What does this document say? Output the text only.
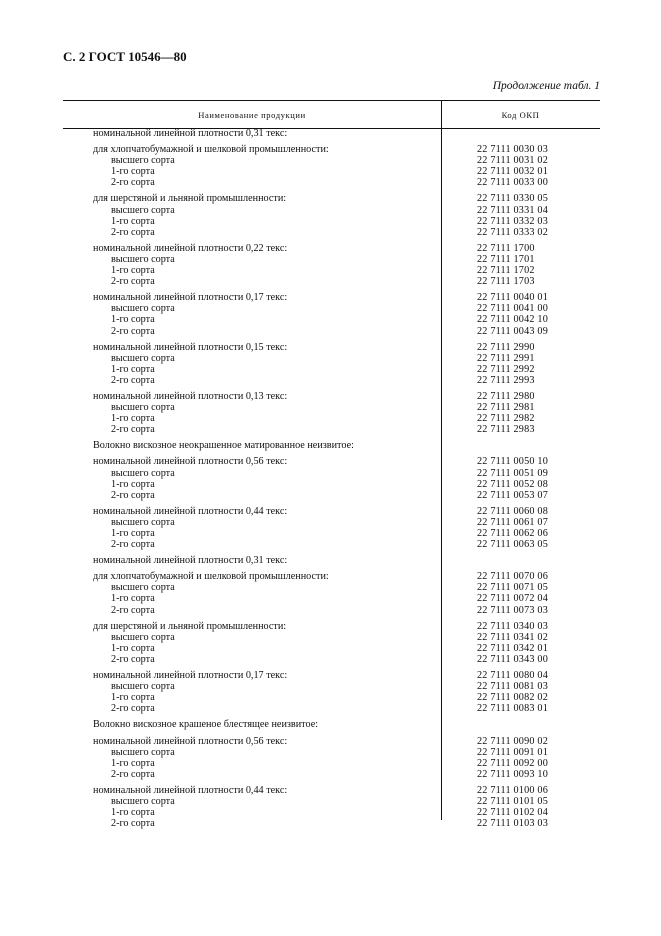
С. 2 ГОСТ 10546—80
Продолжение табл. 1
Наименование продукции	Код ОКП
номинальной линейной плотности 0,31 текс:
для хлопчатобумажной и шелковой промышленности:	22 7111 0030 03
высшего сорта	22 7111 0031 02
1-го сорта	22 7111 0032 01
2-го сорта	22 7111 0033 00
для шерстяной и льняной промышленности:	22 7111 0330 05
высшего сорта	22 7111 0331 04
1-го сорта	22 7111 0332 03
2-го сорта	22 7111 0333 02
номинальной линейной плотности 0,22 текс:	22 7111 1700
высшего сорта	22 7111 1701
1-го сорта	22 7111 1702
2-го сорта	22 7111 1703
номинальной линейной плотности 0,17 текс:	22 7111 0040 01
высшего сорта	22 7111 0041 00
1-го сорта	22 7111 0042 10
2-го сорта	22 7111 0043 09
номинальной линейной плотности 0,15 текс:	22 7111 2990
высшего сорта	22 7111 2991
1-го сорта	22 7111 2992
2-го сорта	22 7111 2993
номинальной линейной плотности 0,13 текс:	22 7111 2980
высшего сорта	22 7111 2981
1-го сорта	22 7111 2982
2-го сорта	22 7111 2983
Волокно вискозное неокрашенное матированное неизвитое:
номинальной линейной плотности 0,56 текс:	22 7111 0050 10
высшего сорта	22 7111 0051 09
1-го сорта	22 7111 0052 08
2-го сорта	22 7111 0053 07
номинальной линейной плотности 0,44 текс:	22 7111 0060 08
высшего сорта	22 7111 0061 07
1-го сорта	22 7111 0062 06
2-го сорта	22 7111 0063 05
номинальной линейной плотности 0,31 текс:
для хлопчатобумажной и шелковой промышленности:	22 7111 0070 06
высшего сорта	22 7111 0071 05
1-го сорта	22 7111 0072 04
2-го сорта	22 7111 0073 03
для шерстяной и льняной промышленности:	22 7111 0340 03
высшего сорта	22 7111 0341 02
1-го сорта	22 7111 0342 01
2-го сорта	22 7111 0343 00
номинальной линейной плотности 0,17 текс:	22 7111 0080 04
высшего сорта	22 7111 0081 03
1-го сорта	22 7111 0082 02
2-го сорта	22 7111 0083 01
Волокно вискозное крашеное блестящее неизвитое:
номинальной линейной плотности 0,56 текс:	22 7111 0090 02
высшего сорта	22 7111 0091 01
1-го сорта	22 7111 0092 00
2-го сорта	22 7111 0093 10
номинальной линейной плотности 0,44 текс:	22 7111 0100 06
высшего сорта	22 7111 0101 05
1-го сорта	22 7111 0102 04
2-го сорта	22 7111 0103 03
